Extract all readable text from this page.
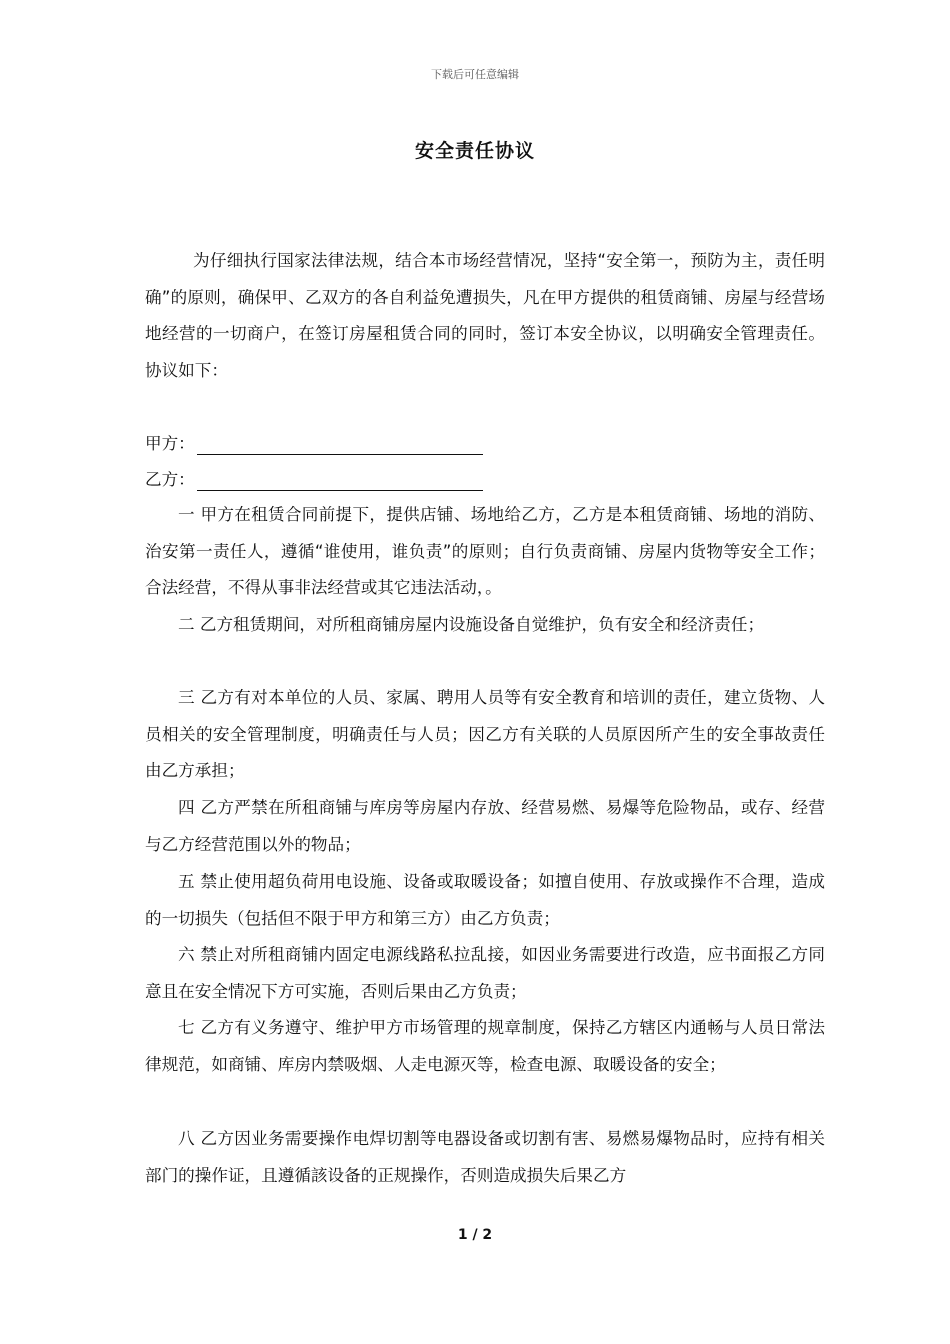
下载后可任意编辑
安全责任协议
为仔细执行国家法律法规，结合本市场经营情况，坚持“安全第一，预防为主，责任明确”的原则，确保甲、乙双方的各自利益免遭损失，凡在甲方提供的租赁商铺、房屋与经营场地经营的一切商户，在签订房屋租赁合同的同时，签订本安全协议，以明确安全管理责任。协议如下：
甲方：
乙方：
一 甲方在租赁合同前提下，提供店铺、场地给乙方，乙方是本租赁商铺、场地的消防、治安第一责任人，遵循“谁使用，谁负责”的原则；自行负责商铺、房屋内货物等安全工作；合法经营，不得从事非法经营或其它违法活动，。
二 乙方租赁期间，对所租商铺房屋内设施设备自觉维护，负有安全和经济责任；
三 乙方有对本单位的人员、家属、聘用人员等有安全教育和培训的责任，建立货物、人员相关的安全管理制度，明确责任与人员；因乙方有关联的人员原因所产生的安全事故责任由乙方承担；
四 乙方严禁在所租商铺与库房等房屋内存放、经营易燃、易爆等危险物品，或存、经营与乙方经营范围以外的物品；
五 禁止使用超负荷用电设施、设备或取暖设备；如擅自使用、存放或操作不合理，造成的一切损失（包括但不限于甲方和第三方）由乙方负责；
六 禁止对所租商铺内固定电源线路私拉乱接，如因业务需要进行改造，应书面报乙方同意且在安全情况下方可实施，否则后果由乙方负责；
七 乙方有义务遵守、维护甲方市场管理的规章制度，保持乙方辖区内通畅与人员日常法律规范，如商铺、库房内禁吸烟、人走电源灭等，检查电源、取暖设备的安全；
八 乙方因业务需要操作电焊切割等电器设备或切割有害、易燃易爆物品时，应持有相关部门的操作证，且遵循該设备的正规操作，否则造成损失后果乙方
1 / 2
